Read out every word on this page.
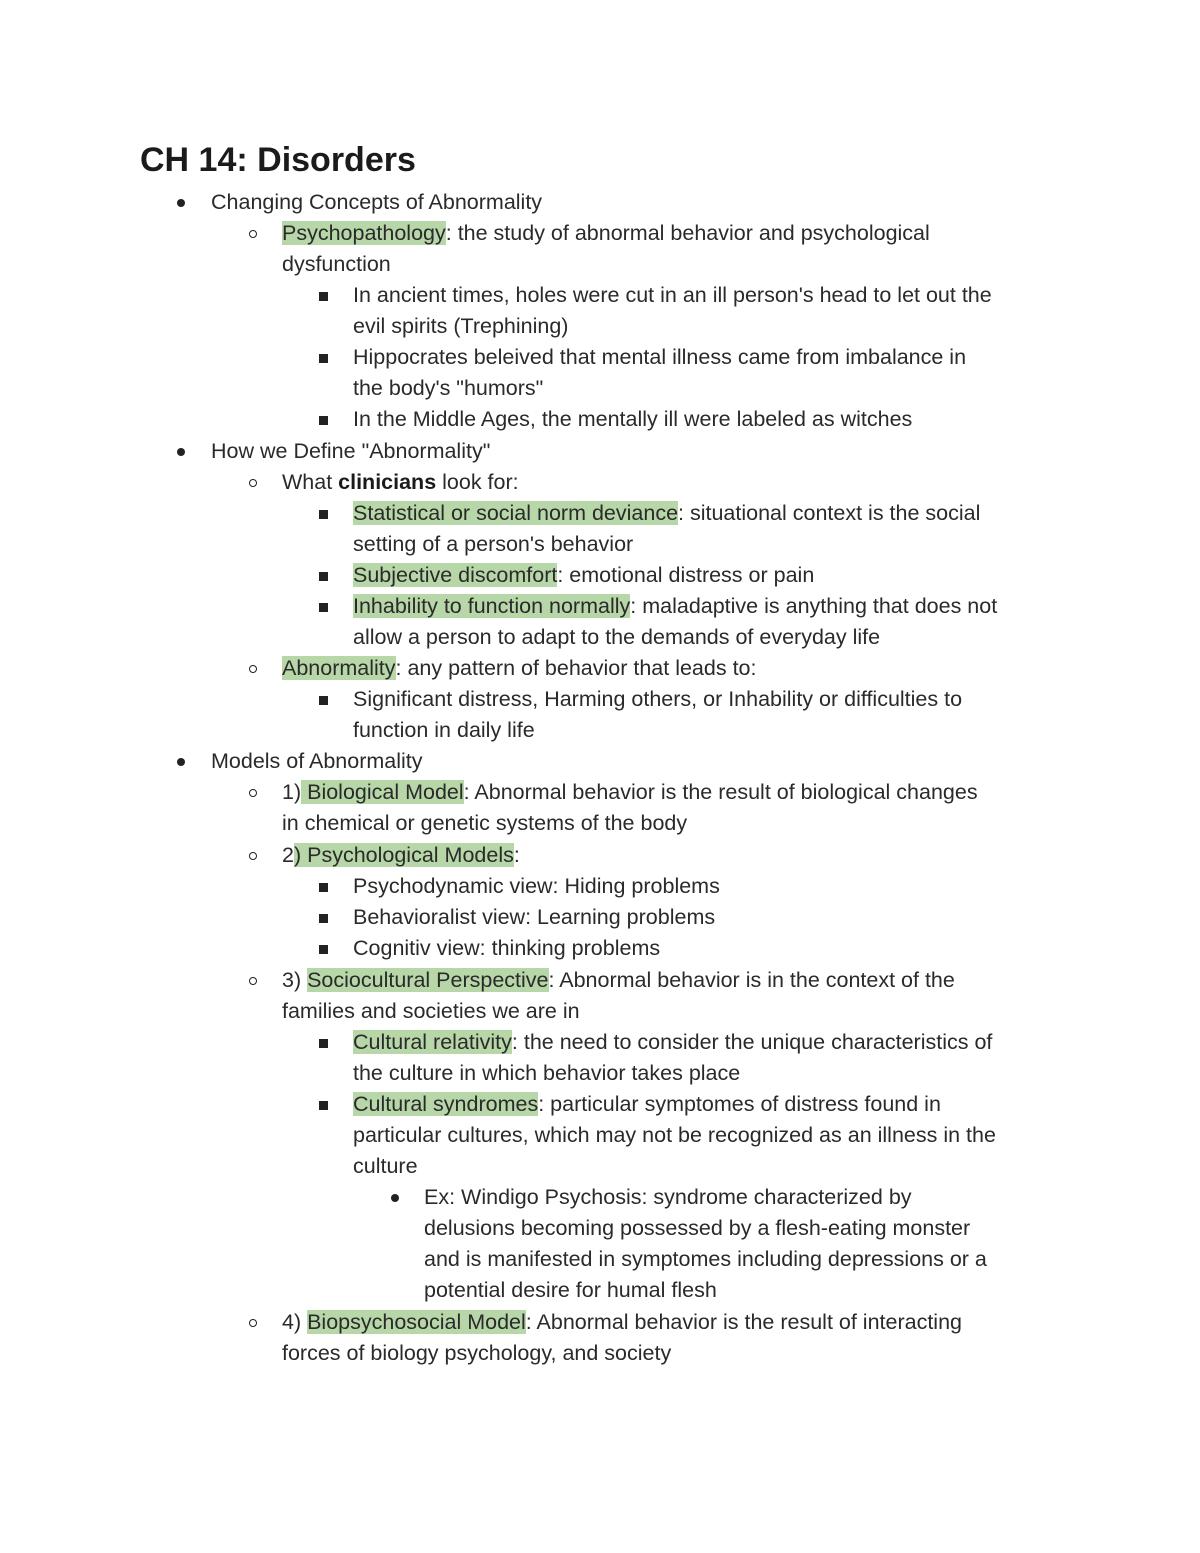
CH 14: Disorders
Changing Concepts of Abnormality
Psychopathology: the study of abnormal behavior and psychological
dysfunction
In ancient times, holes were cut in an ill person's head to let out the
evil spirits (Trephining)
Hippocrates beleived that mental illness came from imbalance in
the body's "humors"
In the Middle Ages, the mentally ill were labeled as witches
How we Define "Abnormality"
What clinicians look for:
Statistical or social norm deviance: situational context is the social
setting of a person's behavior
Subjective discomfort: emotional distress or pain
Inhability to function normally: maladaptive is anything that does not
allow a person to adapt to the demands of everyday life
Abnormality: any pattern of behavior that leads to:
Significant distress, Harming others, or Inhability or difficulties to
function in daily life
Models of Abnormality
1) Biological Model: Abnormal behavior is the result of biological changes
in chemical or genetic systems of the body
2) Psychological Models:
Psychodynamic view: Hiding problems
Behavioralist view: Learning problems
Cognitiv view: thinking problems
3) Sociocultural Perspective: Abnormal behavior is in the context of the
families and societies we are in
Cultural relativity: the need to consider the unique characteristics of
the culture in which behavior takes place
Cultural syndromes: particular symptomes of distress found in
particular cultures, which may not be recognized as an illness in the
culture
Ex: Windigo Psychosis: syndrome characterized by
delusions becoming possessed by a flesh-eating monster
and is manifested in symptomes including depressions or a
potential desire for humal flesh
4) Biopsychosocial Model: Abnormal behavior is the result of interacting
forces of biology psychology, and society
